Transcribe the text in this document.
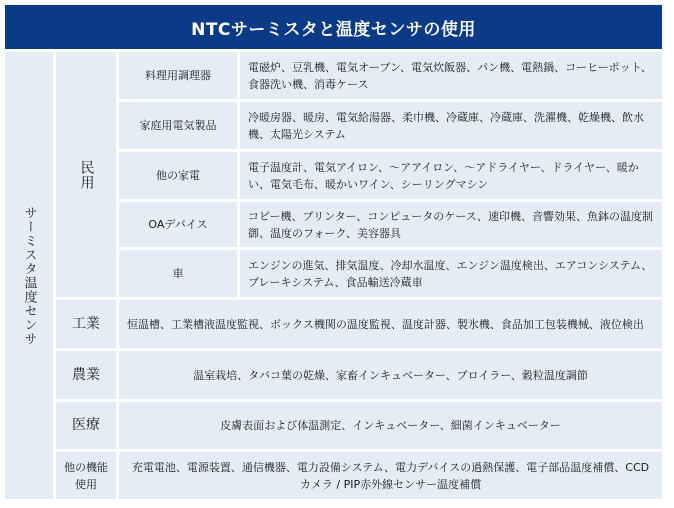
NTCサーミスタと温度センサの使用
サーミスタ温度センサ
民用
料理用調理器
電磁炉、豆乳機、電気オーブン、電気炊飯器、パン機、電熱鍋、コーヒーポット、食器洗い機、消毒ケース
家庭用電気製品
冷暖房器、暖房、電気給湯器、柔巾機、冷蔵庫、冷蔵庫、洗濯機、乾燥機、飲水機、太陽光システム
他の家電
電子温度計、電気アイロン、～アアイロン、～アドライヤー、ドライヤー、暖かい、電気毛布、暖かいワイン、シーリングマシン
OAデバイス
コピー機、プリンター、コンピュータのケース、速印機、音響効果、魚鉢の温度制御、温度のフォーク、美容器具
車
エンジンの進気、排気温度、冷却水温度、エンジン温度検出、エアコンシステム、ブレーキシステム、食品輸送冷蔵車
工業 恒温槽、工業槽液温度監視、ボックス機関の温度監視、温度計器、製氷機、食品加工包装機械、液位検出
農業	温室栽培、タバコ葉の乾燥、家畜インキュベーター、ブロイラー、穀粒温度調節
医療	皮膚表面および体温測定、インキュベーター、細菌インキュベーター
他の機能使用
充電電池、電源装置、通信機器、電力設備システム、電力デバイスの過熱保護、電子部品温度補償、CCDカメラ / PIP赤外線センサー温度補償
